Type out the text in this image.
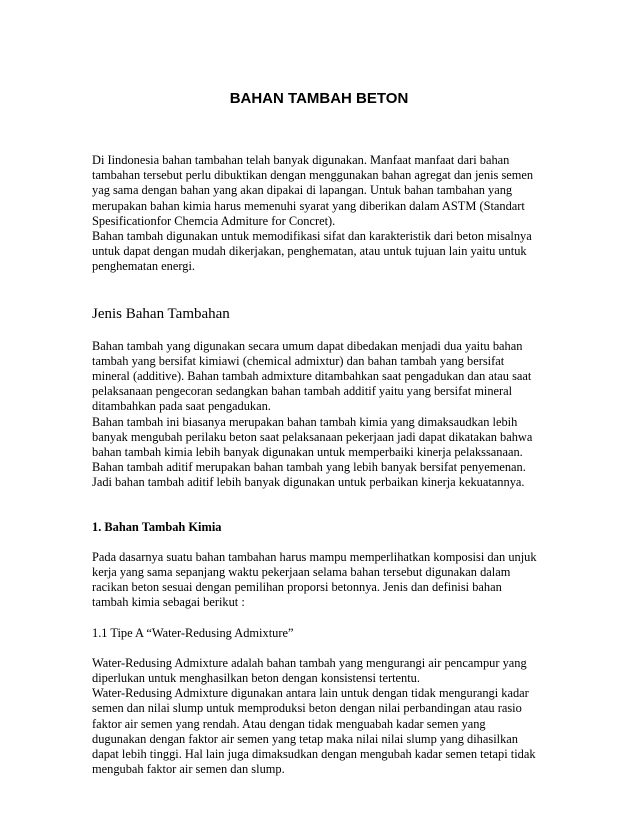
BAHAN TAMBAH BETON
Di Iindonesia bahan tambahan telah banyak digunakan. Manfaat manfaat dari bahan
tambahan tersebut perlu dibuktikan dengan menggunakan bahan agregat dan jenis semen
yag sama dengan bahan yang akan dipakai di lapangan. Untuk bahan tambahan yang
merupakan bahan kimia harus memenuhi syarat yang diberikan dalam ASTM (Standart
Spesificationfor Chemcia Admiture for Concret).
Bahan tambah digunakan untuk memodifikasi sifat dan karakteristik dari beton misalnya
untuk dapat dengan mudah dikerjakan, penghematan, atau untuk tujuan lain yaitu untuk
penghematan energi.
Jenis Bahan Tambahan
Bahan tambah yang digunakan secara umum dapat dibedakan menjadi dua yaitu bahan
tambah yang bersifat kimiawi (chemical admixtur) dan bahan tambah yang bersifat
mineral (additive). Bahan tambah admixture ditambahkan saat pengadukan dan atau saat
pelaksanaan pengecoran sedangkan bahan tambah additif yaitu yang bersifat mineral
ditambahkan pada saat pengadukan.
Bahan tambah ini biasanya merupakan bahan tambah kimia yang dimaksaudkan lebih
banyak mengubah perilaku beton saat pelaksanaan pekerjaan jadi dapat dikatakan bahwa
bahan tambah kimia lebih banyak digunakan untuk memperbaiki kinerja pelakssanaan.
Bahan tambah aditif merupakan bahan tambah yang lebih banyak bersifat penyemenan.
Jadi bahan tambah aditif lebih banyak digunakan untuk perbaikan kinerja kekuatannya.
1. Bahan Tambah Kimia
Pada dasarnya suatu bahan tambahan harus mampu memperlihatkan komposisi dan unjuk
kerja yang sama sepanjang waktu pekerjaan selama bahan tersebut digunakan dalam
racikan beton sesuai dengan pemilihan proporsi betonnya. Jenis dan definisi bahan
tambah kimia sebagai berikut :
1.1 Tipe A “Water-Redusing Admixture”
Water-Redusing Admixture adalah bahan tambah yang mengurangi air pencampur yang
diperlukan untuk menghasilkan beton dengan konsistensi tertentu.
Water-Redusing Admixture digunakan antara lain untuk dengan tidak mengurangi kadar
semen dan nilai slump untuk memproduksi beton dengan nilai perbandingan atau rasio
faktor air semen yang rendah. Atau dengan tidak menguabah kadar semen yang
dugunakan dengan faktor air semen yang tetap maka nilai nilai slump yang dihasilkan
dapat lebih tinggi. Hal lain juga dimaksudkan dengan mengubah kadar semen tetapi tidak
mengubah faktor air semen dan slump.
